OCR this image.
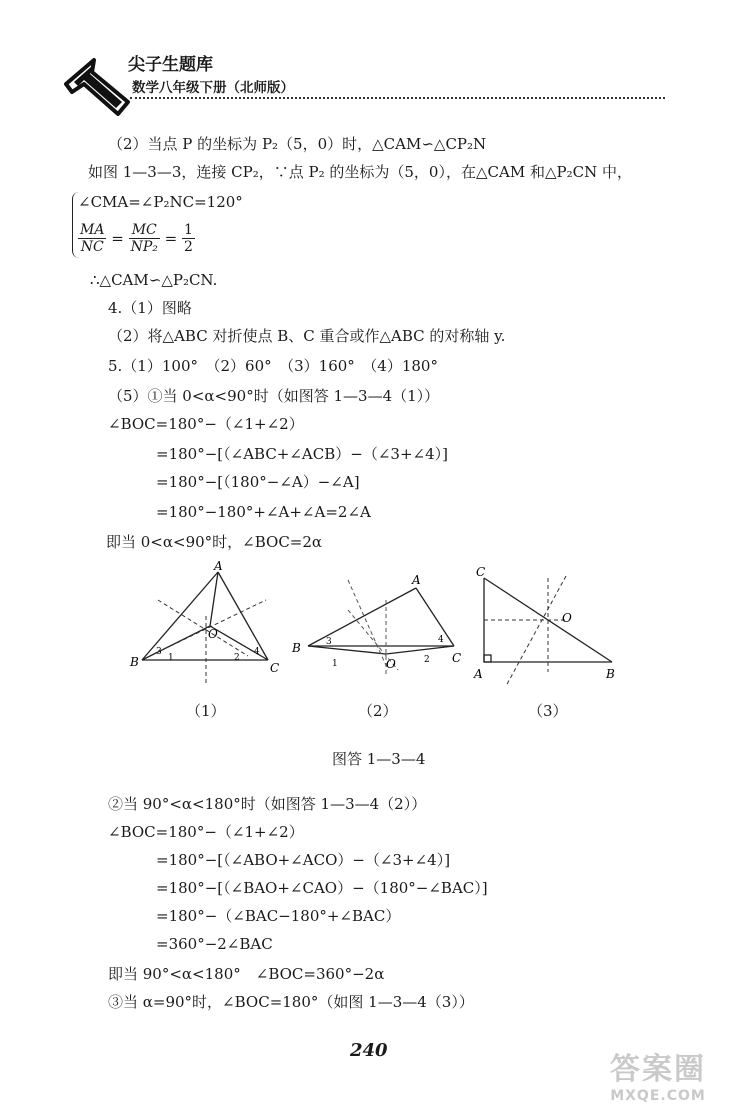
尖子生题库
数学八年级下册（北师版）
（2）当点 P 的坐标为 P₂（5，0）时，△CAM∽△CP₂N
如图 1—3—3，连接 CP₂，∵点 P₂ 的坐标为（5，0），在△CAM 和△P₂CN 中，
∠CMA=∠P₂NC=120°
$\frac{MA}{NC} = \frac{MC}{\text{NP₂}} = \frac{1}{2}$
∴△CAM∽△P₂CN.
4.（1）图略
（2）将△ABC 对折使点 B、C 重合或作△ABC 的对称轴 y.
5.（1）100°　（2）60°　（3）160°　（4）180°
（5）①当 0<α<90°时（如图答 1—3—4（1））
∠BOC=180°−（∠1+∠2）
=180°−[（∠ABC+∠ACB）−（∠3+∠4）]
=180°−[（180°−∠A）−∠A]
=180°−180°+∠A+∠A=2∠A
即当 0<α<90°时，∠BOC=2α
A
B	C
O
1	2
3	4
（1）
A
B
C
O
1	2
3	4
（2）
C
A	B
O
（3）
图答 1—3—4
②当 90°<α<180°时（如图答 1—3—4（2））
∠BOC=180°−（∠1+∠2）
=180°−[（∠ABO+∠ACO）−（∠3+∠4）]
=180°−[（∠BAO+∠CAO）−（180°−∠BAC）]
=180°−（∠BAC−180°+∠BAC）
=360°−2∠BAC
即当 90°<α<180°　∠BOC=360°−2α
③当 α=90°时，∠BOC=180°（如图 1—3—4（3））
240
答案圈
MXQE.COM
